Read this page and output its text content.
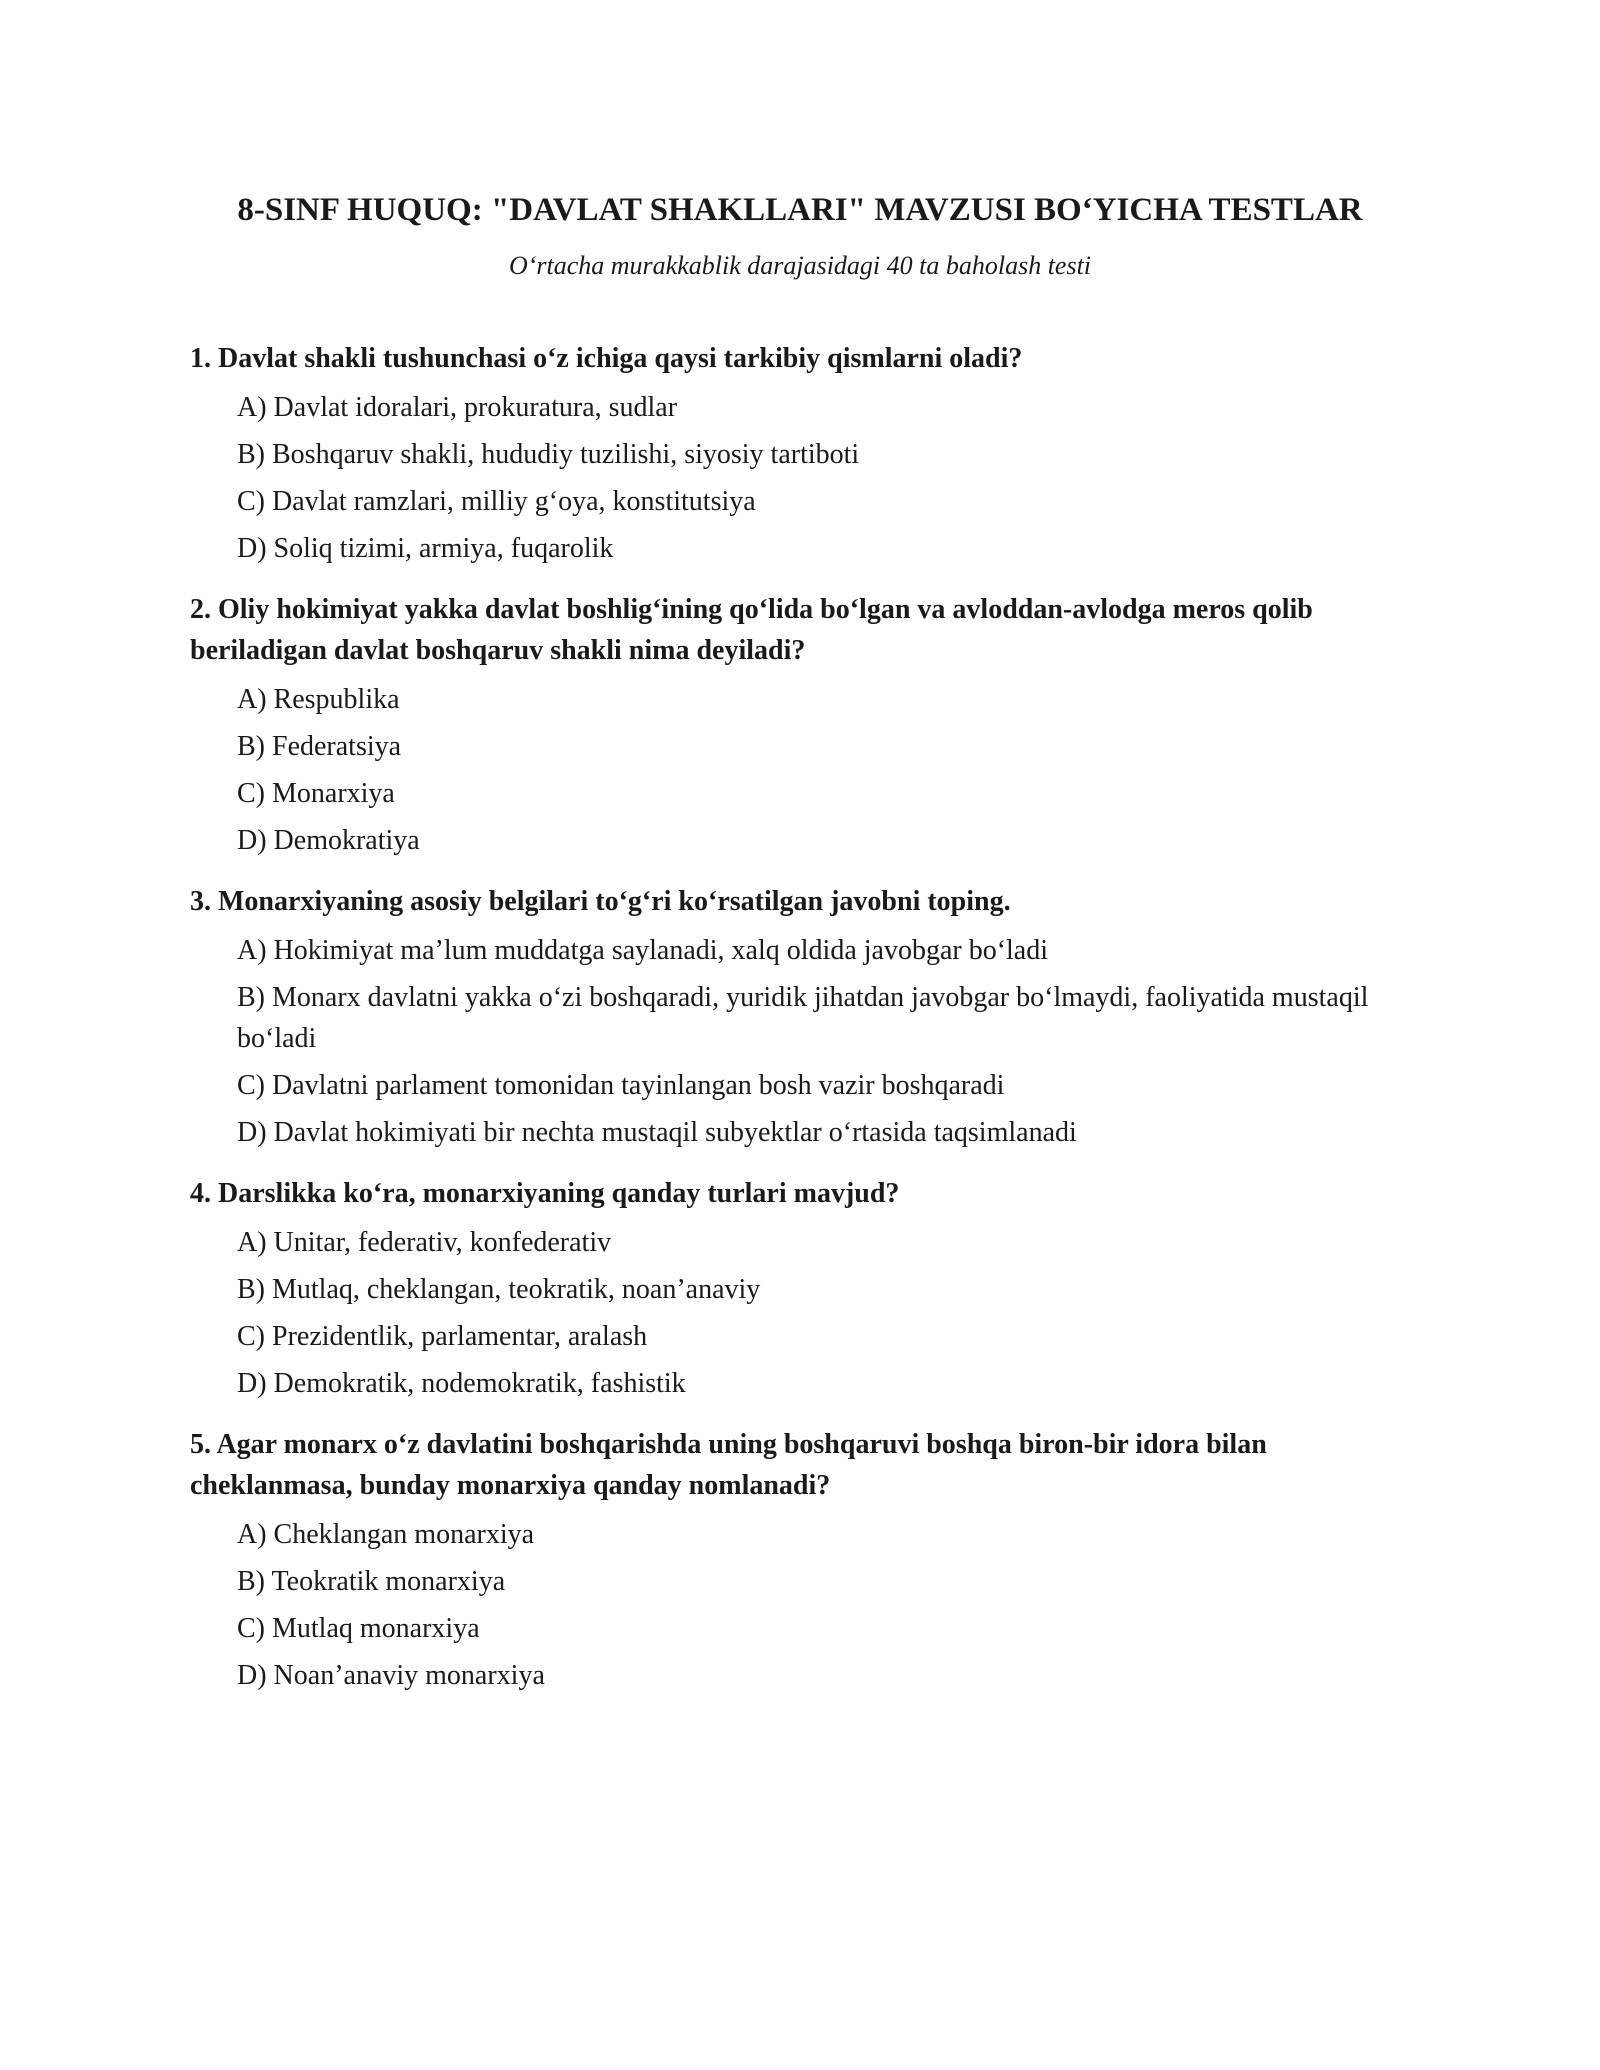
8-SINF HUQUQ: "DAVLAT SHAKLLARI" MAVZUSI BO‘YICHA TESTLAR

O‘rtacha murakkablik darajasidagi 40 ta baholash testi

1. Davlat shakli tushunchasi o‘z ichiga qaysi tarkibiy qismlarni oladi?

A) Davlat idoralari, prokuratura, sudlar
B) Boshqaruv shakli, hududiy tuzilishi, siyosiy tartiboti
C) Davlat ramzlari, milliy g‘oya, konstitutsiya
D) Soliq tizimi, armiya, fuqarolik

2. Oliy hokimiyat yakka davlat boshlig‘ining qo‘lida bo‘lgan va avloddan-avlodga meros qolib beriladigan davlat boshqaruv shakli nima deyiladi?

A) Respublika
B) Federatsiya
C) Monarxiya
D) Demokratiya

3. Monarxiyaning asosiy belgilari to‘g‘ri ko‘rsatilgan javobni toping.

A) Hokimiyat ma’lum muddatga saylanadi, xalq oldida javobgar bo‘ladi
B) Monarx davlatni yakka o‘zi boshqaradi, yuridik jihatdan javobgar bo‘lmaydi, faoliyatida mustaqil bo‘ladi
C) Davlatni parlament tomonidan tayinlangan bosh vazir boshqaradi
D) Davlat hokimiyati bir nechta mustaqil subyektlar o‘rtasida taqsimlanadi

4. Darslikka ko‘ra, monarxiyaning qanday turlari mavjud?

A) Unitar, federativ, konfederativ
B) Mutlaq, cheklangan, teokratik, noan’anaviy
C) Prezidentlik, parlamentar, aralash
D) Demokratik, nodemokratik, fashistik

5. Agar monarx o‘z davlatini boshqarishda uning boshqaruvi boshqa biron-bir idora bilan cheklanmasa, bunday monarxiya qanday nomlanadi?

A) Cheklangan monarxiya
B) Teokratik monarxiya
C) Mutlaq monarxiya
D) Noan’anaviy monarxiya
